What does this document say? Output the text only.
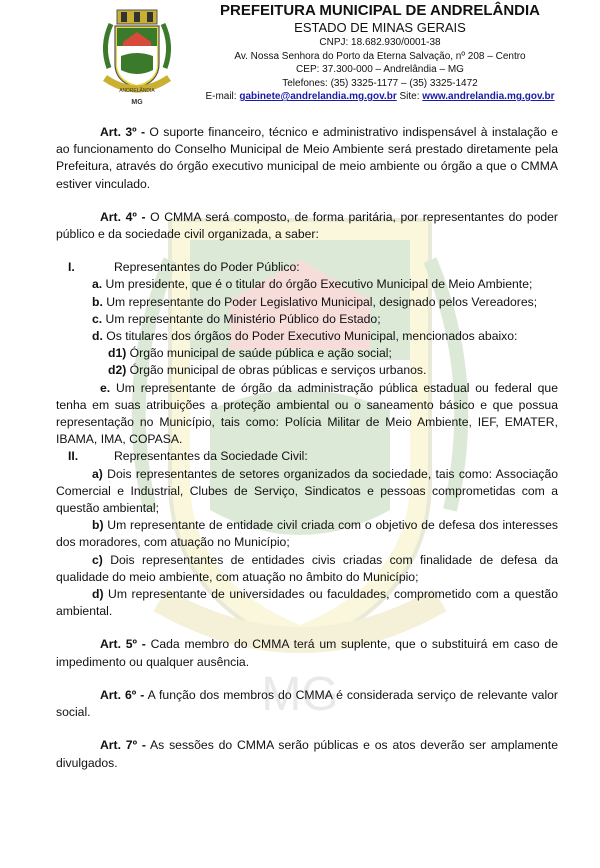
MG
ANDRELÂNDIA
MG
PREFEITURA MUNICIPAL DE ANDRELÂNDIA
ESTADO DE MINAS GERAIS
CNPJ: 18.682.930/0001-38
Av. Nossa Senhora do Porto da Eterna Salvação, nº 208 – Centro
CEP: 37.300-000 – Andrelândia – MG
Telefones: (35) 3325-1177 – (35) 3325-1472
E-mail: gabinete@andrelandia.mg.gov.br Site: www.andrelandia.mg.gov.br

Art. 3º - O suporte financeiro, técnico e administrativo indispensável à instalação e ao funcionamento do Conselho Municipal de Meio Ambiente será prestado diretamente pela Prefeitura, através do órgão executivo municipal de meio ambiente ou órgão a que o CMMA estiver vinculado.

Art. 4º - O CMMA será composto, de forma paritária, por representantes do poder público e da sociedade civil organizada, a saber:

I.	Representantes do Poder Público:

a. Um presidente, que é o titular do órgão Executivo Municipal de Meio Ambiente;

b. Um representante do Poder Legislativo Municipal, designado pelos Vereadores;

c. Um representante do Ministério Público do Estado;

d. Os titulares dos órgãos do Poder Executivo Municipal, mencionados abaixo:

d1) Órgão municipal de saúde pública e ação social;

d2) Órgão municipal de obras públicas e serviços urbanos.

e. Um representante de órgão da administração pública estadual ou federal que tenha em suas atribuições a proteção ambiental ou o saneamento básico e que possua representação no Município, tais como: Polícia Militar de Meio Ambiente, IEF, EMATER, IBAMA, IMA, COPASA.

II.	Representantes da Sociedade Civil:

a) Dois representantes de setores organizados da sociedade, tais como: Associação Comercial e Industrial, Clubes de Serviço, Sindicatos e pessoas comprometidas com a questão ambiental;

b) Um representante de entidade civil criada com o objetivo de defesa dos interesses dos moradores, com atuação no Município;

c) Dois representantes de entidades civis criadas com finalidade de defesa da qualidade do meio ambiente, com atuação no âmbito do Município;

d) Um representante de universidades ou faculdades, comprometido com a questão ambiental.

Art. 5º - Cada membro do CMMA terá um suplente, que o substituirá em caso de impedimento ou qualquer ausência.

Art. 6º - A função dos membros do CMMA é considerada serviço de relevante valor social.

Art. 7º - As sessões do CMMA serão públicas e os atos deverão ser amplamente divulgados.
